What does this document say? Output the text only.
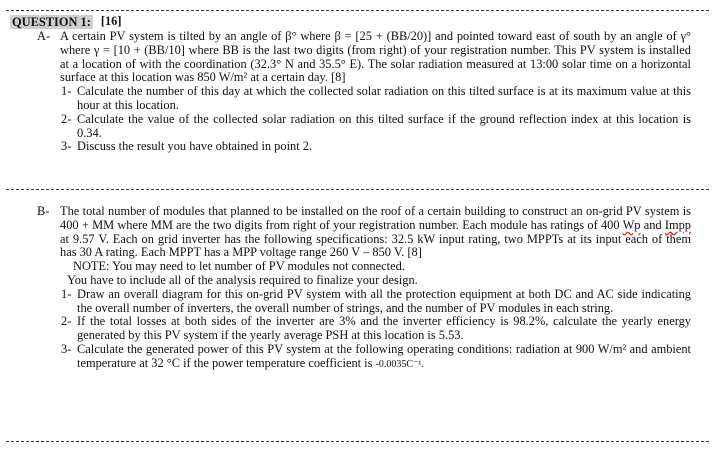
QUESTION 1: [16]
A- A certain PV system is tilted by an angle of β° where β = [25 + (BB/20)] and pointed toward east of south by an angle of γ° where γ = [10 + (BB/10] where BB is the last two digits (from right) of your registration number. This PV system is installed at a location of with the coordination (32.3° N and 35.5° E). The solar radiation measured at 13:00 solar time on a horizontal surface at this location was 850 W/m² at a certain day. [8]
1- Calculate the number of this day at which the collected solar radiation on this tilted surface is at its maximum value at this hour at this location.
2- Calculate the value of the collected solar radiation on this tilted surface if the ground reflection index at this location is 0.34.
3- Discuss the result you have obtained in point 2.
B- The total number of modules that planned to be installed on the roof of a certain building to construct an on-grid PV system is 400 + MM where MM are the two digits from right of your registration number. Each module has ratings of 400 Wp and Impp at 9.57 V. Each on grid inverter has the following specifications: 32.5 kW input rating, two MPPTs at its input each of them has 30 A rating. Each MPPT has a MPP voltage range 260 V – 850 V. [8]
NOTE: You may need to let number of PV modules not connected.
You have to include all of the analysis required to finalize your design.
1- Draw an overall diagram for this on-grid PV system with all the protection equipment at both DC and AC side indicating the overall number of inverters, the overall number of strings, and the number of PV modules in each string.
2- If the total losses at both sides of the inverter are 3% and the inverter efficiency is 98.2%, calculate the yearly energy generated by this PV system if the yearly average PSH at this location is 5.53.
3- Calculate the generated power of this PV system at the following operating conditions: radiation at 900 W/m² and ambient temperature at 32 °C if the power temperature coefficient is -0.0035C⁻¹.
